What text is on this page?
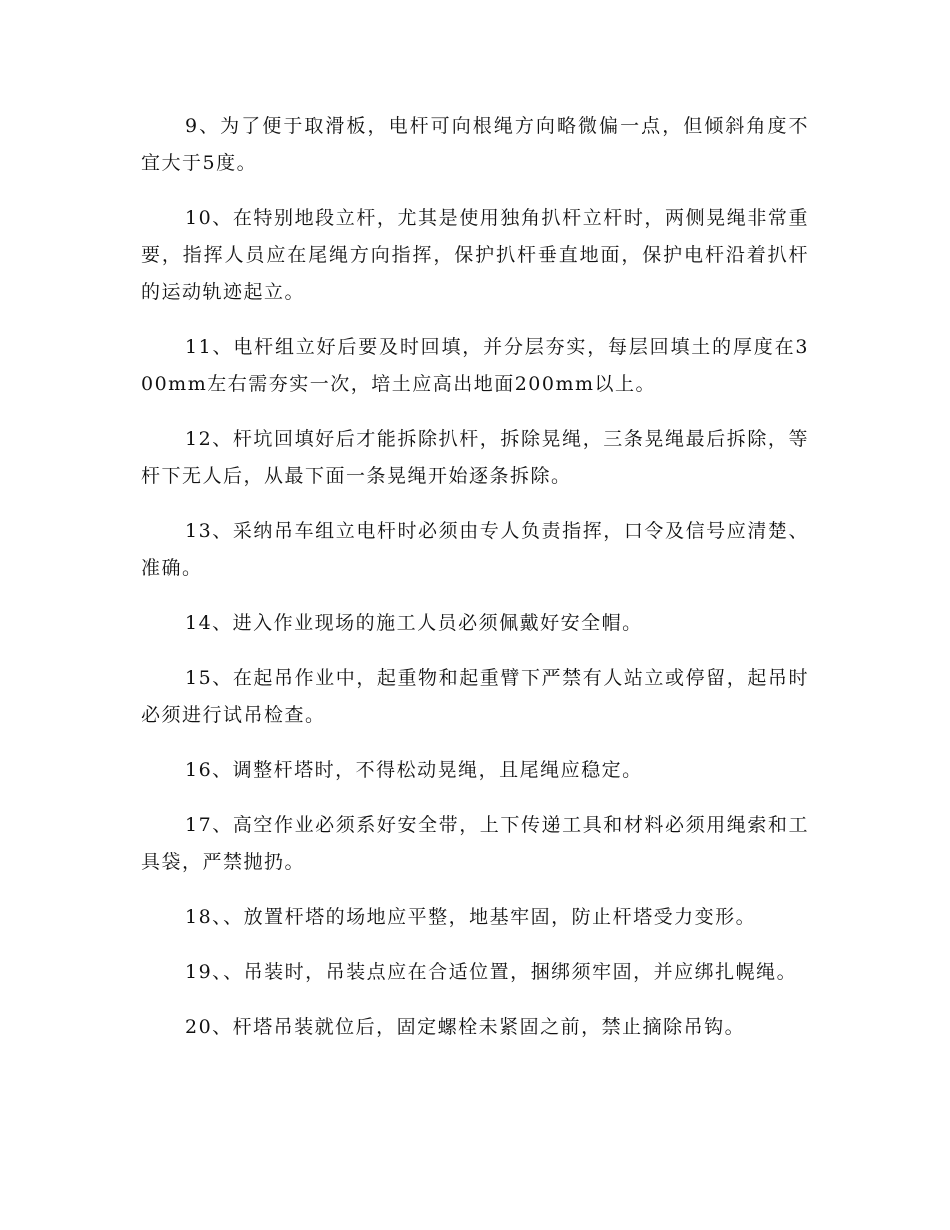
9、为了便于取滑板，电杆可向根绳方向略微偏一点，但倾斜角度不宜大于5度。

10、在特别地段立杆，尤其是使用独角扒杆立杆时，两侧晃绳非常重要，指挥人员应在尾绳方向指挥，保护扒杆垂直地面，保护电杆沿着扒杆的运动轨迹起立。

11、电杆组立好后要及时回填，并分层夯实，每层回填土的厚度在300mm左右需夯实一次，培土应高出地面200mm以上。

12、杆坑回填好后才能拆除扒杆，拆除晃绳，三条晃绳最后拆除，等杆下无人后，从最下面一条晃绳开始逐条拆除。

13、采纳吊车组立电杆时必须由专人负责指挥，口令及信号应清楚、准确。

14、进入作业现场的施工人员必须佩戴好安全帽。

15、在起吊作业中，起重物和起重臂下严禁有人站立或停留，起吊时必须进行试吊检查。

16、调整杆塔时，不得松动晃绳，且尾绳应稳定。

17、高空作业必须系好安全带，上下传递工具和材料必须用绳索和工具袋，严禁抛扔。

18、、放置杆塔的场地应平整，地基牢固，防止杆塔受力变形。

19、、吊装时，吊装点应在合适位置，捆绑须牢固，并应绑扎幌绳。

20、杆塔吊装就位后，固定螺栓未紧固之前，禁止摘除吊钩。
